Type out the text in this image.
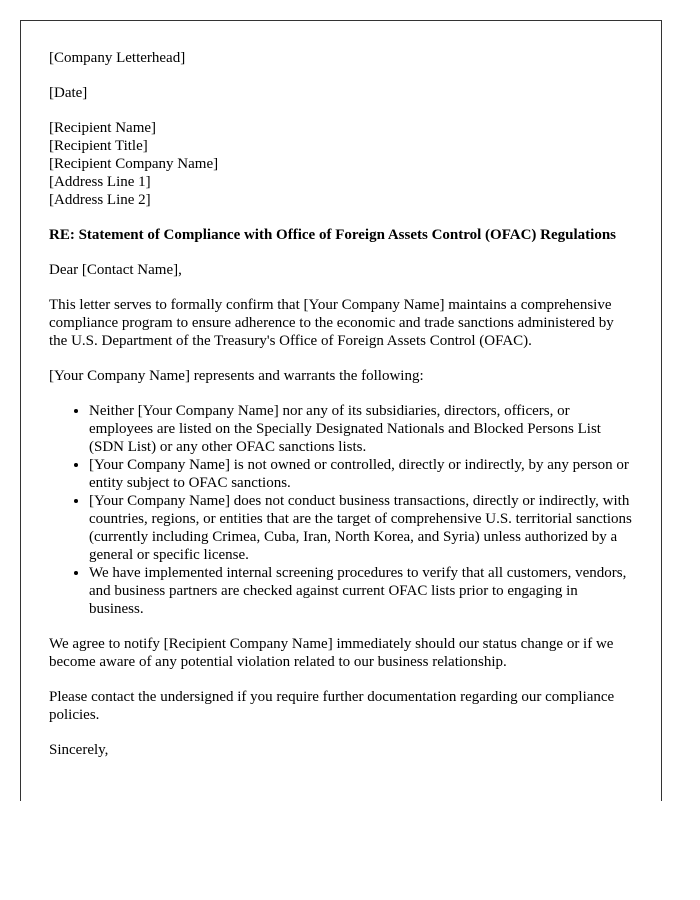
[Company Letterhead]

[Date]

[Recipient Name]

[Recipient Title]

[Recipient Company Name]

[Address Line 1]

[Address Line 2]

RE: Statement of Compliance with Office of Foreign Assets Control (OFAC) Regulations

Dear [Contact Name],

This letter serves to formally confirm that [Your Company Name] maintains a comprehensive compliance program to ensure adherence to the economic and trade sanctions administered by the U.S. Department of the Treasury's Office of Foreign Assets Control (OFAC).

[Your Company Name] represents and warrants the following:

• Neither [Your Company Name] nor any of its subsidiaries, directors, officers, or employees are listed on the Specially Designated Nationals and Blocked Persons List (SDN List) or any other OFAC sanctions lists.
• [Your Company Name] is not owned or controlled, directly or indirectly, by any person or entity subject to OFAC sanctions.
• [Your Company Name] does not conduct business transactions, directly or indirectly, with countries, regions, or entities that are the target of comprehensive U.S. territorial sanctions (currently including Crimea, Cuba, Iran, North Korea, and Syria) unless authorized by a general or specific license.
• We have implemented internal screening procedures to verify that all customers, vendors, and business partners are checked against current OFAC lists prior to engaging in business.

We agree to notify [Recipient Company Name] immediately should our status change or if we become aware of any potential violation related to our business relationship.

Please contact the undersigned if you require further documentation regarding our compliance policies.

Sincerely,
